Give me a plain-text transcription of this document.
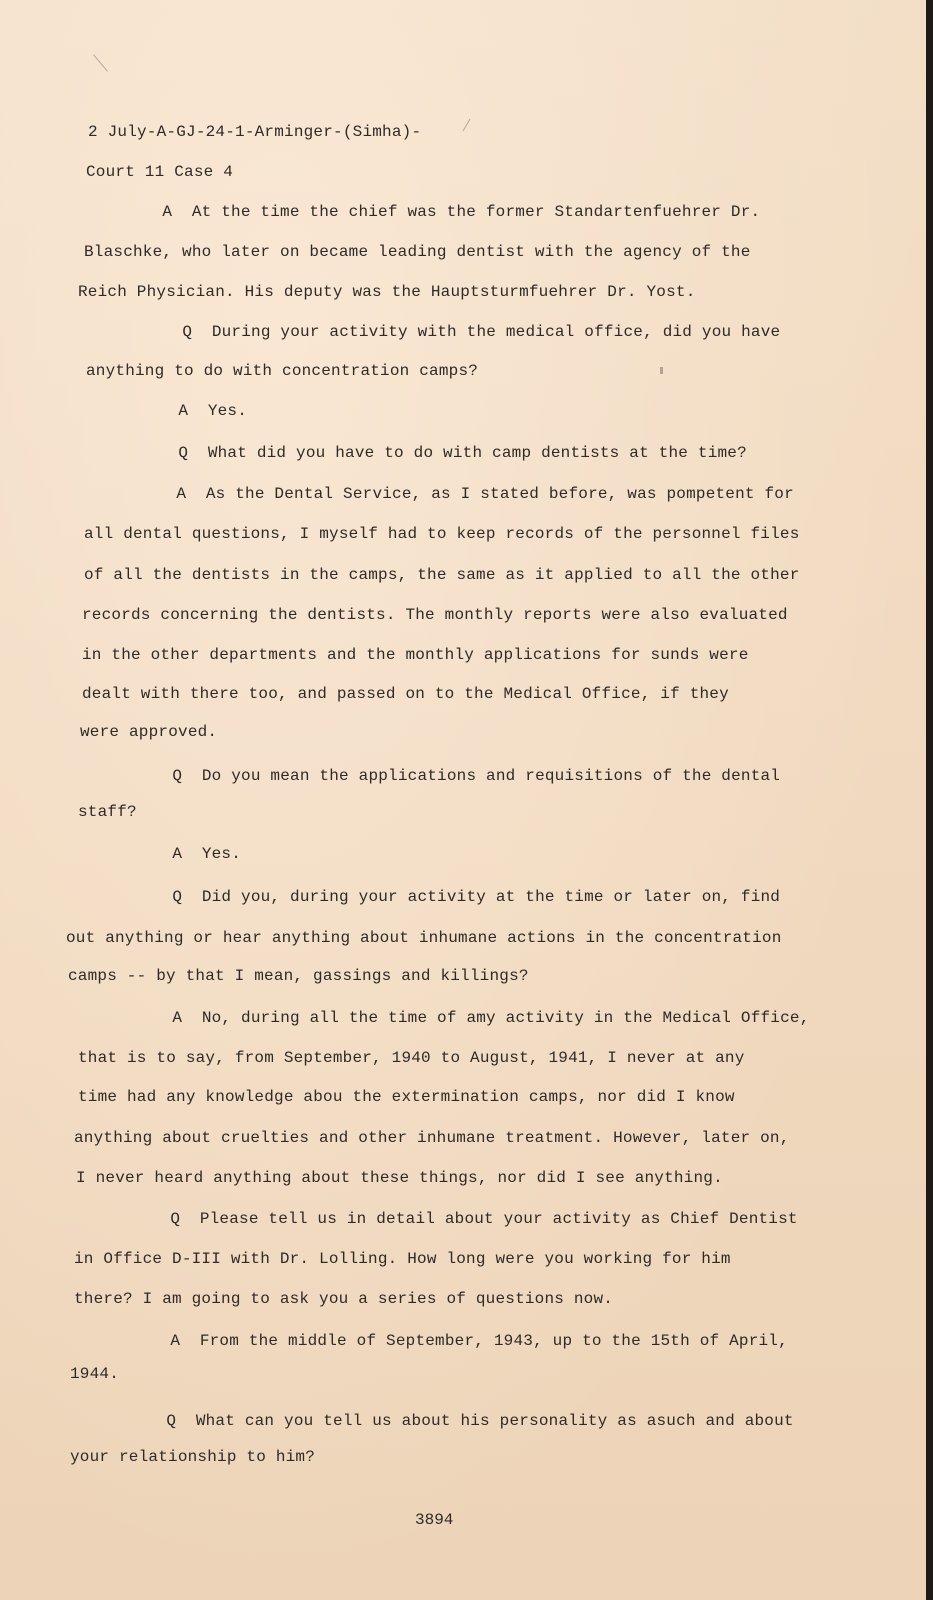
2 July-A-GJ-24-1-Arminger-(Simha)-
Court 11 Case 4
A  At the time the chief was the former Standartenfuehrer Dr.
Blaschke, who later on became leading dentist with the agency of the
Reich Physician. His deputy was the Hauptsturmfuehrer Dr. Yost.
Q  During your activity with the medical office, did you have
anything to do with concentration camps?
A  Yes.
Q  What did you have to do with camp dentists at the time?
A  As the Dental Service, as I stated before, was pompetent for
all dental questions, I myself had to keep records of the personnel files
of all the dentists in the camps, the same as it applied to all the other
records concerning the dentists. The monthly reports were also evaluated
in the other departments and the monthly applications for sunds were
dealt with there too, and passed on to the Medical Office, if they
were approved.
Q  Do you mean the applications and requisitions of the dental
staff?
A  Yes.
Q  Did you, during your activity at the time or later on, find
out anything or hear anything about inhumane actions in the concentration
camps -- by that I mean, gassings and killings?
A  No, during all the time of amy activity in the Medical Office,
that is to say, from September, 1940 to August, 1941, I never at any
time had any knowledge abou the extermination camps, nor did I know
anything about cruelties and other inhumane treatment. However, later on,
I never heard anything about these things, nor did I see anything.
Q  Please tell us in detail about your activity as Chief Dentist
in Office D-III with Dr. Lolling. How long were you working for him
there? I am going to ask you a series of questions now.
A  From the middle of September, 1943, up to the 15th of April,
1944.
Q  What can you tell us about his personality as asuch and about
your relationship to him?
3894
